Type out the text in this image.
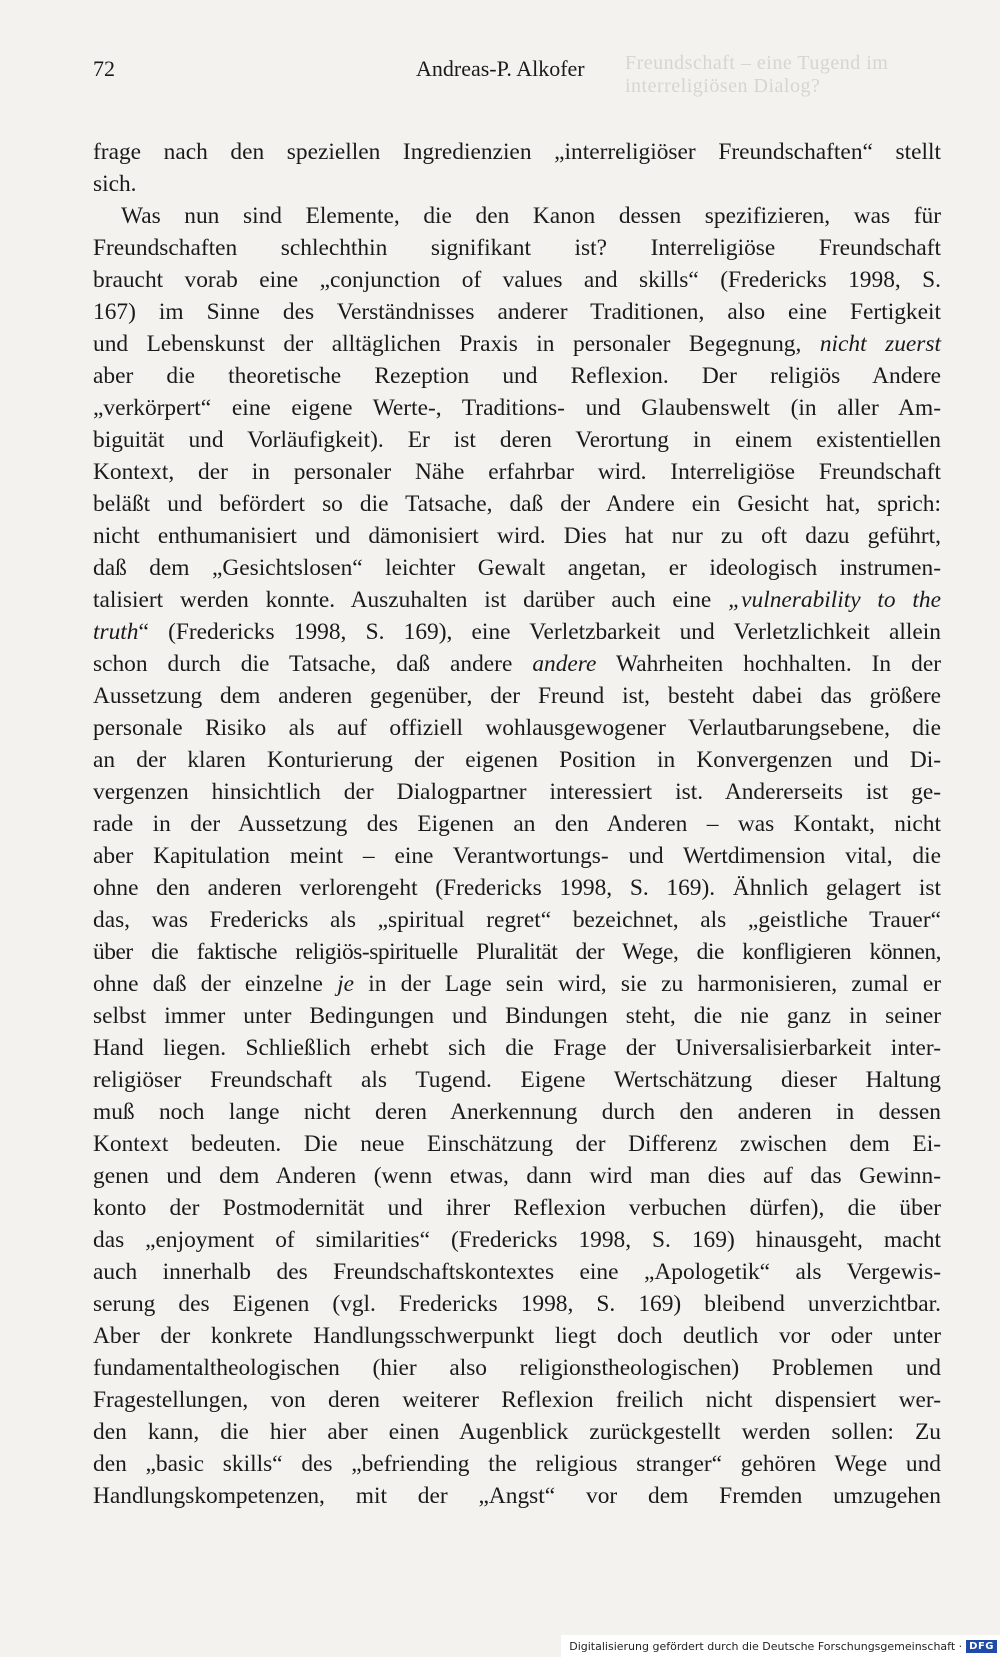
Freundschaft – eine Tugend im interreligiösen Dialog?
72	Andreas-P. Alkofer
frage nach den speziellen Ingredienzien „interreligiöser Freundschaften“ stellt
sich.
Was nun sind Elemente, die den Kanon dessen spezifizieren, was für
Freundschaften schlechthin signifikant ist? Interreligiöse Freundschaft
braucht vorab eine „conjunction of values and skills“ (Fredericks 1998, S.
167) im Sinne des Verständnisses anderer Traditionen, also eine Fertigkeit
und Lebenskunst der alltäglichen Praxis in personaler Begegnung, nicht zuerst
aber die theoretische Rezeption und Reflexion. Der religiös Andere
„verkörpert“ eine eigene Werte-, Traditions- und Glaubenswelt (in aller Am-
biguität und Vorläufigkeit). Er ist deren Verortung in einem existentiellen
Kontext, der in personaler Nähe erfahrbar wird. Interreligiöse Freundschaft
beläßt und befördert so die Tatsache, daß der Andere ein Gesicht hat, sprich:
nicht enthumanisiert und dämonisiert wird. Dies hat nur zu oft dazu geführt,
daß dem „Gesichtslosen“ leichter Gewalt angetan, er ideologisch instrumen-
talisiert werden konnte. Auszuhalten ist darüber auch eine „vulnerability to the
truth“ (Fredericks 1998, S. 169), eine Verletzbarkeit und Verletzlichkeit allein
schon durch die Tatsache, daß andere andere Wahrheiten hochhalten. In der
Aussetzung dem anderen gegenüber, der Freund ist, besteht dabei das größere
personale Risiko als auf offiziell wohlausgewogener Verlautbarungsebene, die
an der klaren Konturierung der eigenen Position in Konvergenzen und Di-
vergenzen hinsichtlich der Dialogpartner interessiert ist. Andererseits ist ge-
rade in der Aussetzung des Eigenen an den Anderen – was Kontakt, nicht
aber Kapitulation meint – eine Verantwortungs- und Wertdimension vital, die
ohne den anderen verlorengeht (Fredericks 1998, S. 169). Ähnlich gelagert ist
das, was Fredericks als „spiritual regret“ bezeichnet, als „geistliche Trauer“
über die faktische religiös-spirituelle Pluralität der Wege, die konfligieren können,
ohne daß der einzelne je in der Lage sein wird, sie zu harmonisieren, zumal er
selbst immer unter Bedingungen und Bindungen steht, die nie ganz in seiner
Hand liegen. Schließlich erhebt sich die Frage der Universalisierbarkeit inter-
religiöser Freundschaft als Tugend. Eigene Wertschätzung dieser Haltung
muß noch lange nicht deren Anerkennung durch den anderen in dessen
Kontext bedeuten. Die neue Einschätzung der Differenz zwischen dem Ei-
genen und dem Anderen (wenn etwas, dann wird man dies auf das Gewinn-
konto der Postmodernität und ihrer Reflexion verbuchen dürfen), die über
das „enjoyment of similarities“ (Fredericks 1998, S. 169) hinausgeht, macht
auch innerhalb des Freundschaftskontextes eine „Apologetik“ als Vergewis-
serung des Eigenen (vgl. Fredericks 1998, S. 169) bleibend unverzichtbar.
Aber der konkrete Handlungsschwerpunkt liegt doch deutlich vor oder unter
fundamentaltheologischen (hier also religionstheologischen) Problemen und
Fragestellungen, von deren weiterer Reflexion freilich nicht dispensiert wer-
den kann, die hier aber einen Augenblick zurückgestellt werden sollen: Zu
den „basic skills“ des „befriending the religious stranger“ gehören Wege und
Handlungskompetenzen, mit der „Angst“ vor dem Fremden umzugehen
Digitalisierung gefördert durch die Deutsche Forschungsgemeinschaft · DFG
